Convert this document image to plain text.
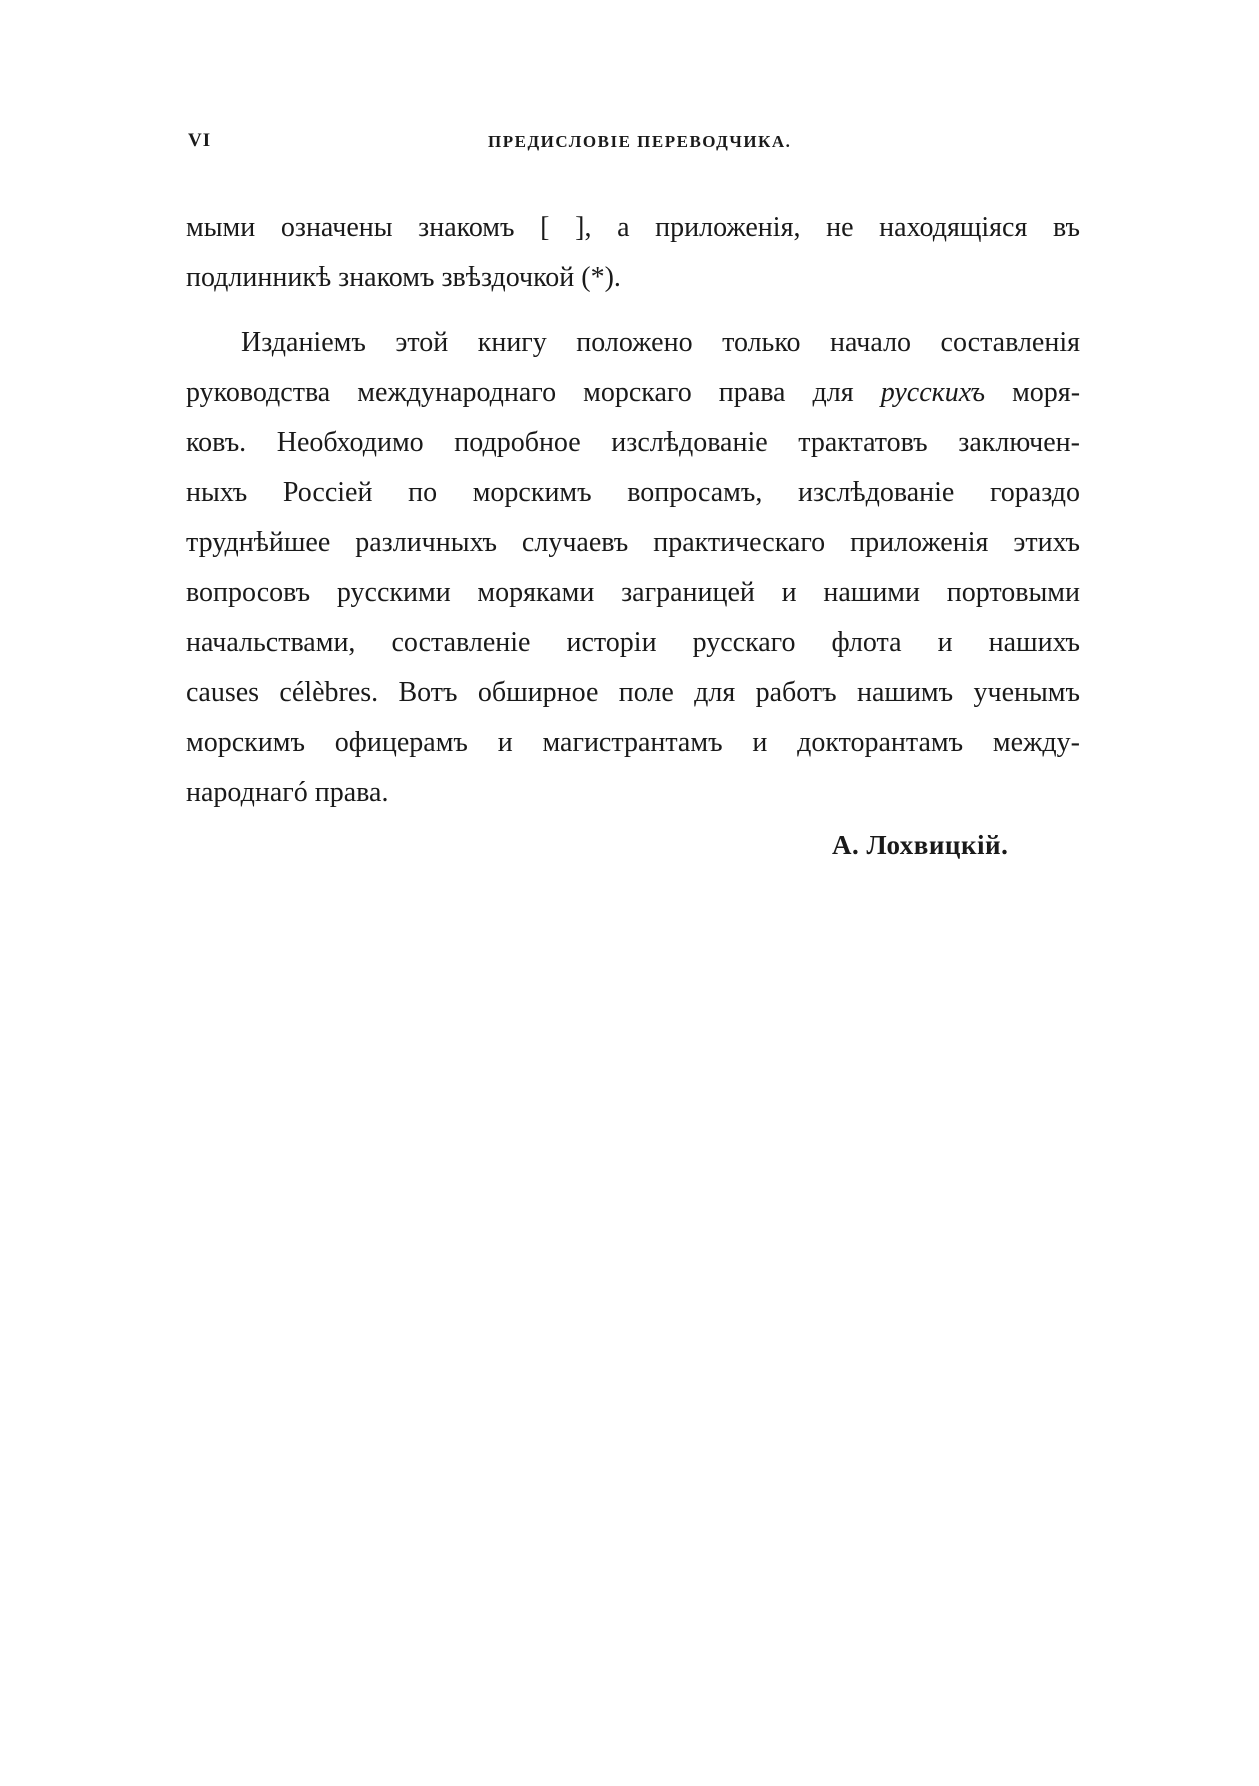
VI	ПРЕДИСЛОВІЕ ПЕРЕВОДЧИКА.
мыми означены знакомъ [ ], а приложенія, не находящіяся въ
подлинникѣ знакомъ звѣздочкой (*).
Изданіемъ этой книгу положено только начало составленія
руководства международнаго морскаго права для русскихъ моря-
ковъ. Необходимо подробное изслѣдованіе трактатовъ заключен-
ныхъ Россіей по морскимъ вопросамъ, изслѣдованіе гораздо
труднѣйшее различныхъ случаевъ практическаго приложенія этихъ
вопросовъ русскими моряками заграницей и нашими портовыми
начальствами, составленіе исторіи русскаго флота и нашихъ
causes célèbres. Вотъ обширное поле для работъ нашимъ ученымъ
морскимъ офицерамъ и магистрантамъ и докторантамъ между-
народнагó права.
А. Лохвицкій.
